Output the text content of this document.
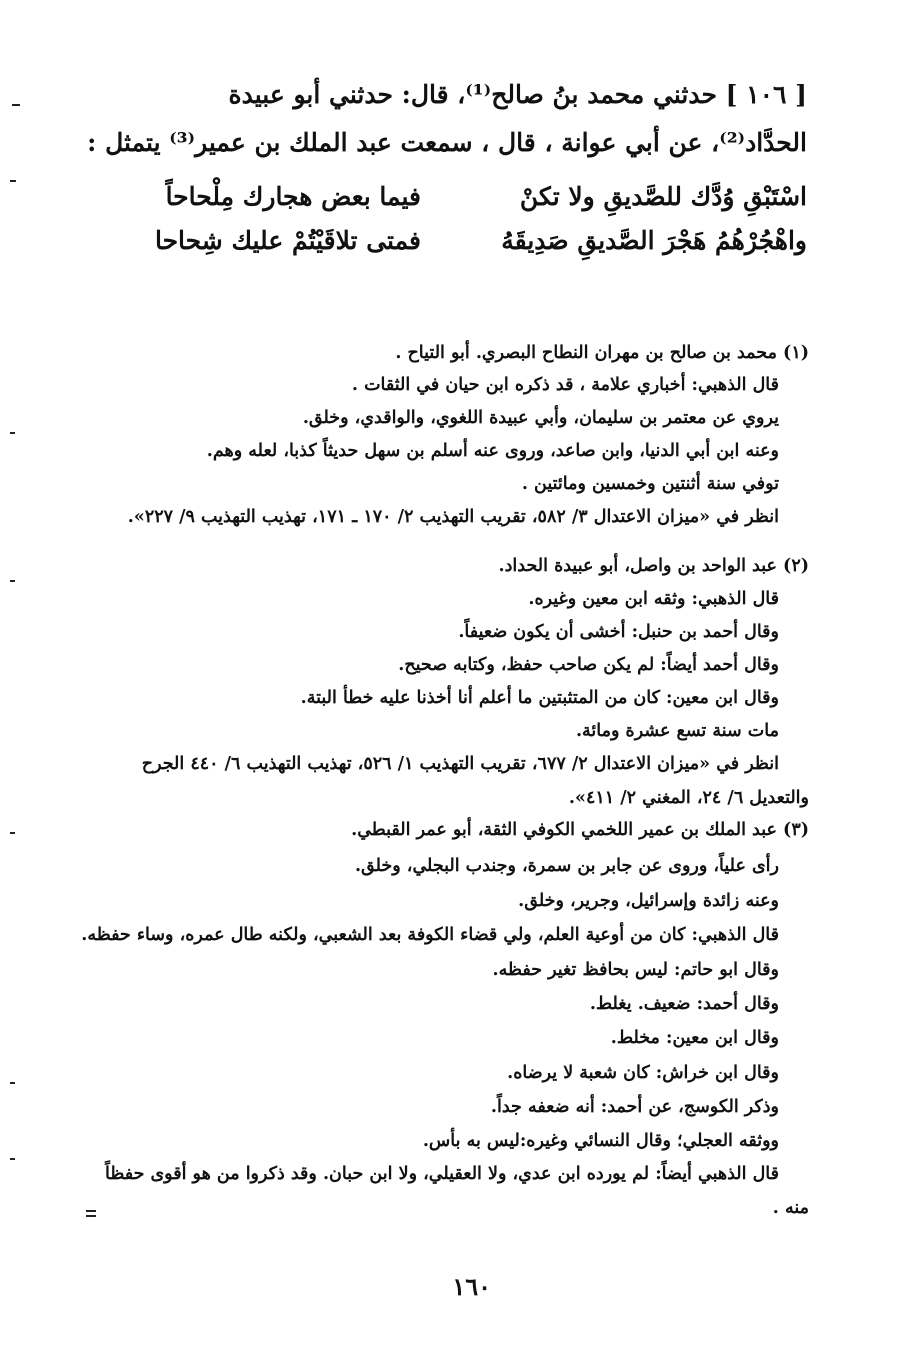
[ ١٠٦ ] حدثني محمد بنُ صالح⁽¹⁾، قال: حدثني أبو عبيدة
الحدَّاد⁽²⁾، عن أبي عوانة ، قال ، سمعت عبد الملك بن عمير⁽³⁾ يتمثل :
اسْتَبْقِ وُدَّك للصَّديقِ ولا تكنْ
فيما بعض هجارك مِلْحاحاً
واهْجُرْهُمُ هَجْرَ الصَّديقِ صَدِيقَهُ
فمتى تلاقَيْتُمْ عليك شِحاحا
(١) محمد بن صالح بن مهران النطاح البصري. أبو التياح .
قال الذهبي: أخباري علامة ، قد ذكره ابن حيان في الثقات .
يروي عن معتمر بن سليمان، وأبي عبيدة اللغوي، والواقدي، وخلق.
وعنه ابن أبي الدنيا، وابن صاعد، وروى عنه أسلم بن سهل حديثاً كذبا، لعله وهم.
توفي سنة أثنتين وخمسين ومائتين .
انظر في «ميزان الاعتدال ٣/ ٥٨٢، تقريب التهذيب ٢/ ١٧٠ ـ ١٧١، تهذيب التهذيب ٩/ ٢٢٧».
(٢) عبد الواحد بن واصل، أبو عبيدة الحداد.
قال الذهبي: وثقه ابن معين وغيره.
وقال أحمد بن حنبل: أخشى أن يكون ضعيفاً.
وقال أحمد أيضاً: لم يكن صاحب حفظ، وكتابه صحيح.
وقال ابن معين: كان من المتثبتين ما أعلم أنا أخذنا عليه خطأ البتة.
مات سنة تسع عشرة ومائة.
انظر في «ميزان الاعتدال ٢/ ٦٧٧، تقريب التهذيب ١/ ٥٢٦، تهذيب التهذيب ٦/ ٤٤٠ الجرح
والتعديل ٦/ ٢٤، المغني ٢/ ٤١١».
(٣) عبد الملك بن عمير اللخمي الكوفي الثقة، أبو عمر القبطي.
رأى علياً، وروى عن جابر بن سمرة، وجندب البجلي، وخلق.
وعنه زائدة وإسرائيل، وجرير، وخلق.
قال الذهبي: كان من أوعية العلم، ولي قضاء الكوفة بعد الشعبي، ولكنه طال عمره، وساء حفظه.
وقال ابو حاتم: ليس بحافظ تغير حفظه.
وقال أحمد: ضعيف. يغلط.
وقال ابن معين: مخلط.
وقال ابن خراش: كان شعبة لا يرضاه.
وذكر الكوسج، عن أحمد: أنه ضعفه جداً.
ووثقه العجلي؛ وقال النسائي وغيره:ليس به بأس.
قال الذهبي أيضاً: لم يورده ابن عدي، ولا العقيلي، ولا ابن حبان. وقد ذكروا من هو أقوى حفظاً
منه .
١٦٠
